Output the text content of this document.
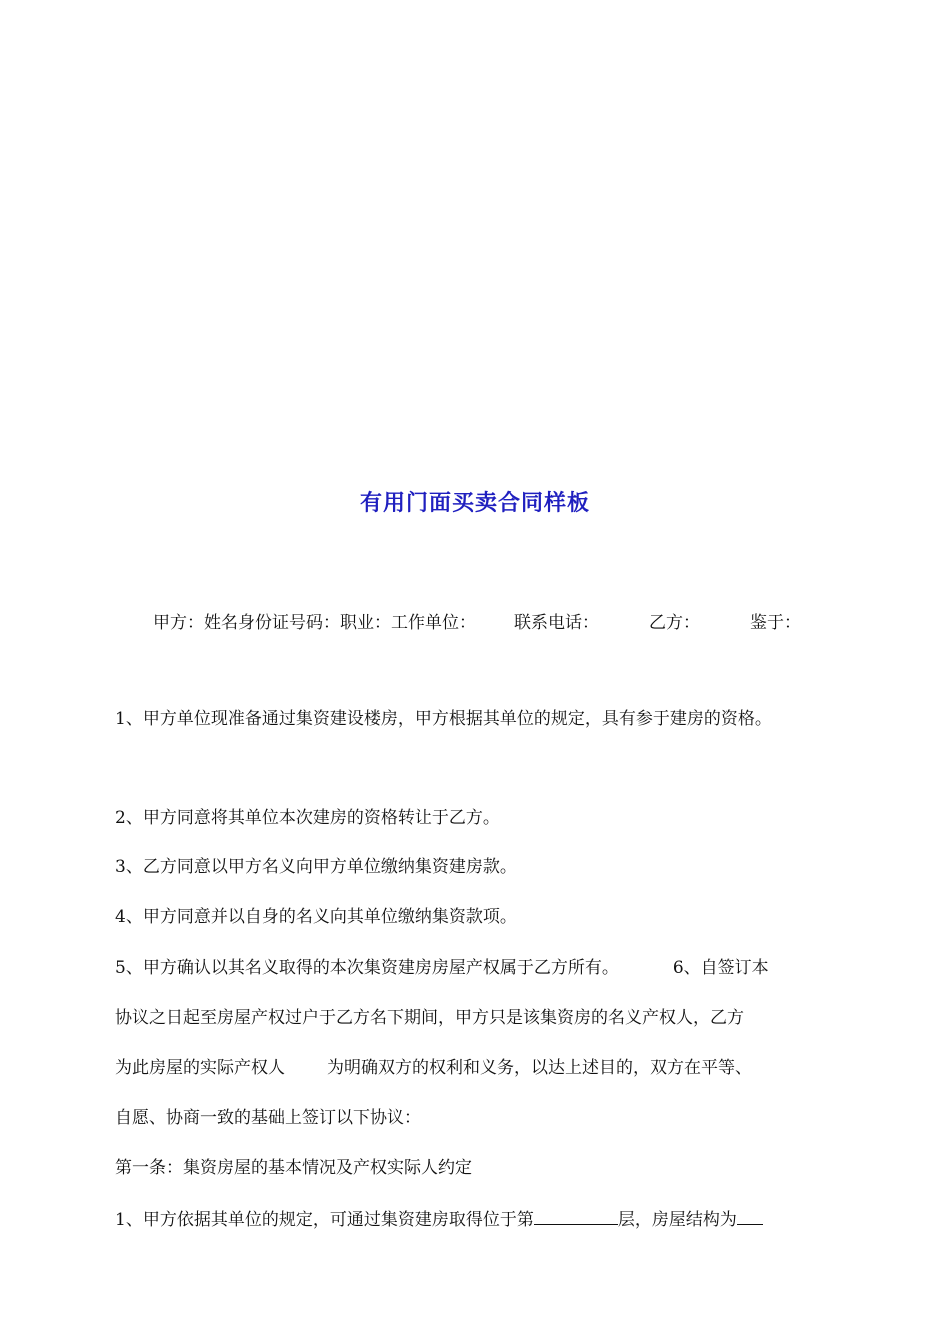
有用门面买卖合同样板
甲方：姓名身份证号码：职业：工作单位： 联系电话：	乙方：	鉴于：
1、甲方单位现准备通过集资建设楼房，甲方根据其单位的规定，具有参于建房的资格。
2、甲方同意将其单位本次建房的资格转让于乙方。
3、乙方同意以甲方名义向甲方单位缴纳集资建房款。
4、甲方同意并以自身的名义向其单位缴纳集资款项。
5、甲方确认以其名义取得的本次集资建房房屋产权属于乙方所有。	6、自签订本
协议之日起至房屋产权过户于乙方名下期间，甲方只是该集资房的名义产权人，乙方
为此房屋的实际产权人 为明确双方的权利和义务，以达上述目的，双方在平等、
自愿、协商一致的基础上签订以下协议：
第一条：集资房屋的基本情况及产权实际人约定
1、甲方依据其单位的规定，可通过集资建房取得位于第	层，房屋结构为
